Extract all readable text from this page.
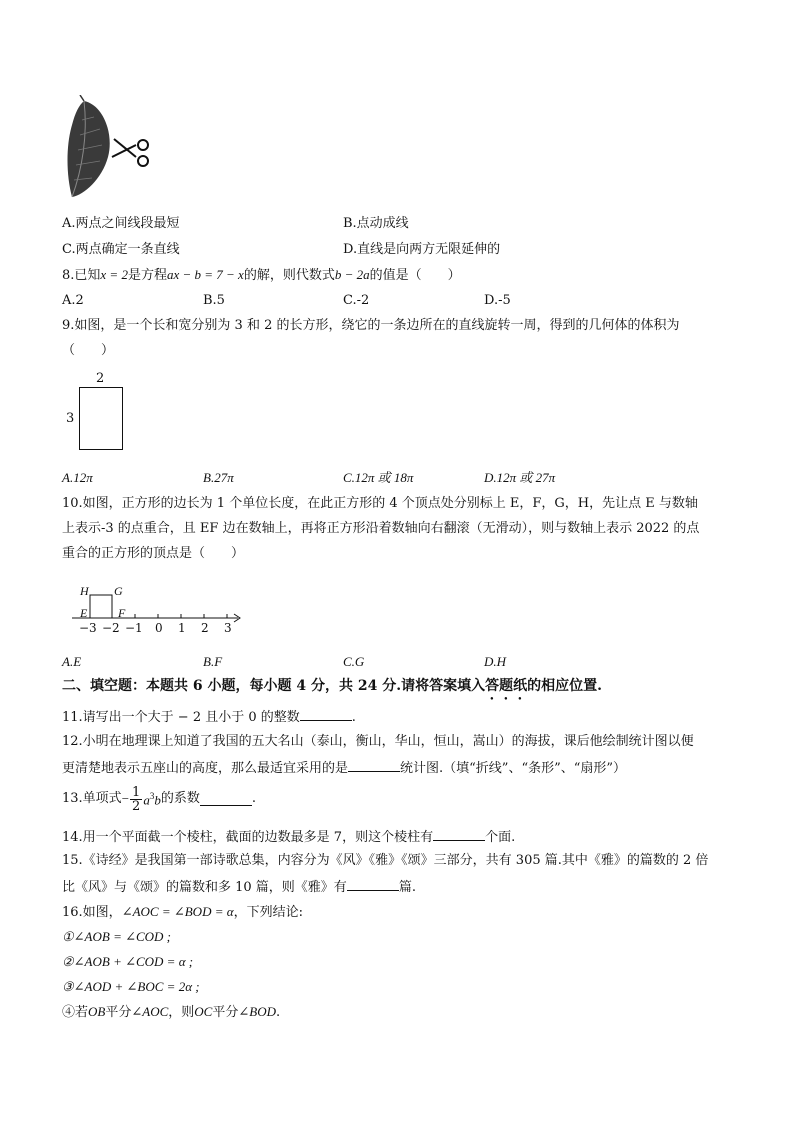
A.两点之间线段最短	B.点动成线
C.两点确定一条直线	D.直线是向两方无限延伸的
8.已知x = 2是方程ax − b = 7 − x的解，则代数式b − 2a的值是（　　）
A.2	B.5	C.-2	D.-5
9.如图，是一个长和宽分别为 3 和 2 的长方形，绕它的一条边所在的直线旋转一周，得到的几何体的体积为
（　　）
2
3
A.12π	B.27π	C.12π 或 18π	D.12π 或 27π
10.如图，正方形的边长为 1 个单位长度，在此正方形的 4 个顶点处分别标上 E，F，G，H，先让点 E 与数轴
上表示-3 的点重合，且 EF 边在数轴上，再将正方形沿着数轴向右翻滚（无滑动），则与数轴上表示 2022 的点
重合的正方形的顶点是（　　）
H G
E	F
−3 −2 −1 0 1 2 3
A.E	B.F	C.G	D.H
二、填空题：本题共 6 小题，每小题 4 分，共 24 分.请将答案填入答题纸的相应位置.
11.请写出一个大于 − 2 且小于 0 的整数	.
12.小明在地理课上知道了我国的五大名山（泰山，衡山，华山，恒山，嵩山）的海拔，课后他绘制统计图以便
更清楚地表示五座山的高度，那么最适宜采用的是	统计图.（填“折线”、“条形”、“扇形”）
13.单项式 − $\frac{1}{2} a^3b$ 的系数	.
14.用一个平面截一个棱柱，截面的边数最多是 7，则这个棱柱有	个面.
15.《诗经》是我国第一部诗歌总集，内容分为《风》《雅》《颂》三部分，共有 305 篇.其中《雅》的篇数的 2 倍
比《风》与《颂》的篇数和多 10 篇，则《雅》有	篇.
16.如图，∠AOC = ∠BOD = α，下列结论:
①∠AOB = ∠COD ;
②∠AOB + ∠COD = α ;
③∠AOD + ∠BOC = 2α ;
④若OB平分∠AOC，则OC平分∠BOD.
